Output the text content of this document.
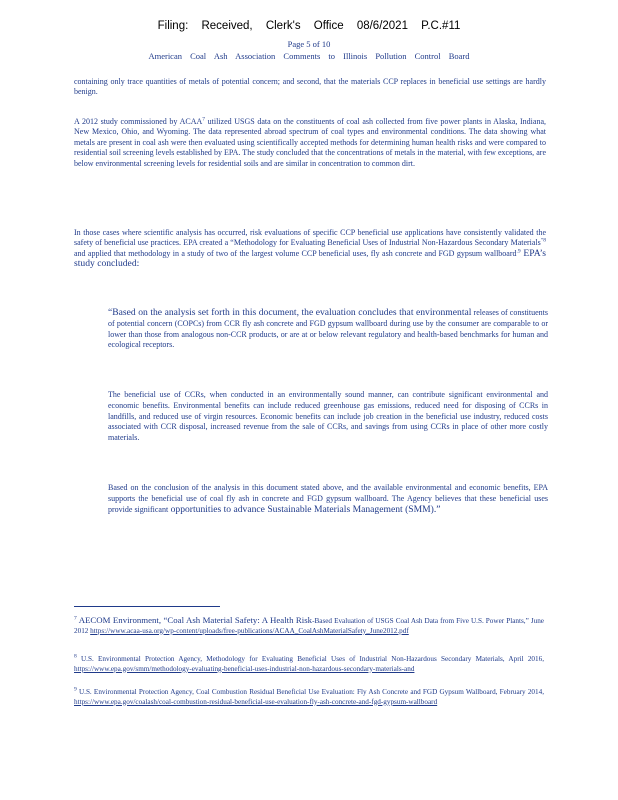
Filing: Received, Clerk's Office 08/6/2021 P.C.#11
Page 5 of 10
American Coal Ash Association Comments to Illinois Pollution Control Board
containing only trace quantities of metals of potential concern; and second, that the materials CCP replaces in beneficial use settings are hardly benign.
A 2012 study commissioned by ACAA$^7$ utilized USGS data on the constituents of coal ash collected from five power plants in Alaska, Indiana, New Mexico, Ohio, and Wyoming. The data represented abroad spectrum of coal types and environmental conditions. The data showing what metals are present in coal ash were then evaluated using scientifically accepted methods for determining human health risks and were compared to residential soil screening levels established by EPA. The study concluded that the concentrations of metals in the material, with few exceptions, are below environmental screening levels for residential soils and are similar in concentration to common dirt.
In those cases where scientific analysis has occurred, risk evaluations of specific CCP beneficial use applications have consistently validated the safety of beneficial use practices. EPA created a “Methodology for Evaluating Beneficial Uses of Industrial Non-Hazardous Secondary Materials$^{”8}$ and applied that methodology in a study of two of the largest volume CCP beneficial uses, fly ash concrete and FGD gypsum wallboard$^{.9}$ EPA’s study concluded:
“Based on the analysis set forth in this document, the evaluation concludes that environmental releases of constituents of potential concern (COPCs) from CCR fly ash concrete and FGD gypsum wallboard during use by the consumer are comparable to or lower than those from analogous non-CCR products, or are at or below relevant regulatory and health-based benchmarks for human and ecological receptors.
The beneficial use of CCRs, when conducted in an environmentally sound manner, can contribute significant environmental and economic benefits. Environmental benefits can include reduced greenhouse gas emissions, reduced need for disposing of CCRs in landfills, and reduced use of virgin resources. Economic benefits can include job creation in the beneficial use industry, reduced costs associated with CCR disposal, increased revenue from the sale of CCRs, and savings from using CCRs in place of other more costly materials.
Based on the conclusion of the analysis in this document stated above, and the available environmental and economic benefits, EPA supports the beneficial use of coal fly ash in concrete and FGD gypsum wallboard. The Agency believes that these beneficial uses provide significant opportunities to advance Sustainable Materials Management (SMM).”
$^7$ AECOM Environment, “Coal Ash Material Safety: A Health Risk-Based Evaluation of USGS Coal Ash Data from Five U.S. Power Plants,” June 2012 https://www.acaa-usa.org/wp-content/uploads/free-publications/ACAA_CoalAshMaterialSafety_June2012.pdf
$^8$ U.S. Environmental Protection Agency, Methodology for Evaluating Beneficial Uses of Industrial Non-Hazardous Secondary Materials, April 2016, https://www.epa.gov/smm/methodology-evaluating-beneficial-uses-industrial-non-hazardous-secondary-materials-and
$^9$ U.S. Environmental Protection Agency, Coal Combustion Residual Beneficial Use Evaluation: Fly Ash Concrete and FGD Gypsum Wallboard, February 2014, https://www.epa.gov/coalash/coal-combustion-residual-beneficial-use-evaluation-fly-ash-concrete-and-fgd-gypsum-wallboard
